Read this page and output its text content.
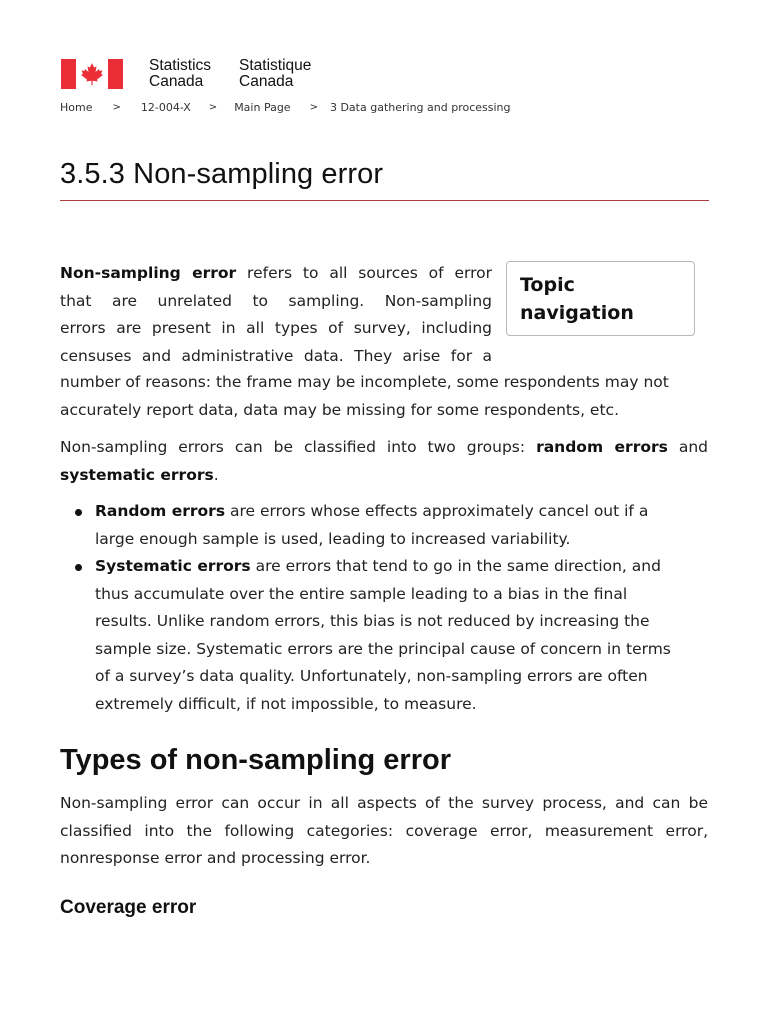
Statistics
Canada
Statistique
Canada
Home > 12-004-X > Main Page > 3 Data gathering and processing
3.5.3 Non-sampling error
Topic
navigation
Non-sampling error refers to all sources of error
that are unrelated to sampling. Non-sampling
errors are present in all types of survey, including
censuses and administrative data. They arise for a
number of reasons: the frame may be incomplete, some respondents may not
accurately report data, data may be missing for some respondents, etc.
Non-sampling errors can be classified into two groups: random errors and
systematic errors.
Random errors are errors whose effects approximately cancel out if a
large enough sample is used, leading to increased variability.
Systematic errors are errors that tend to go in the same direction, and
thus accumulate over the entire sample leading to a bias in the final
results. Unlike random errors, this bias is not reduced by increasing the
sample size. Systematic errors are the principal cause of concern in terms
of a survey’s data quality. Unfortunately, non-sampling errors are often
extremely difficult, if not impossible, to measure.
Types of non-sampling error
Non-sampling error can occur in all aspects of the survey process, and can be
classified into the following categories: coverage error, measurement error,
nonresponse error and processing error.
Coverage error
